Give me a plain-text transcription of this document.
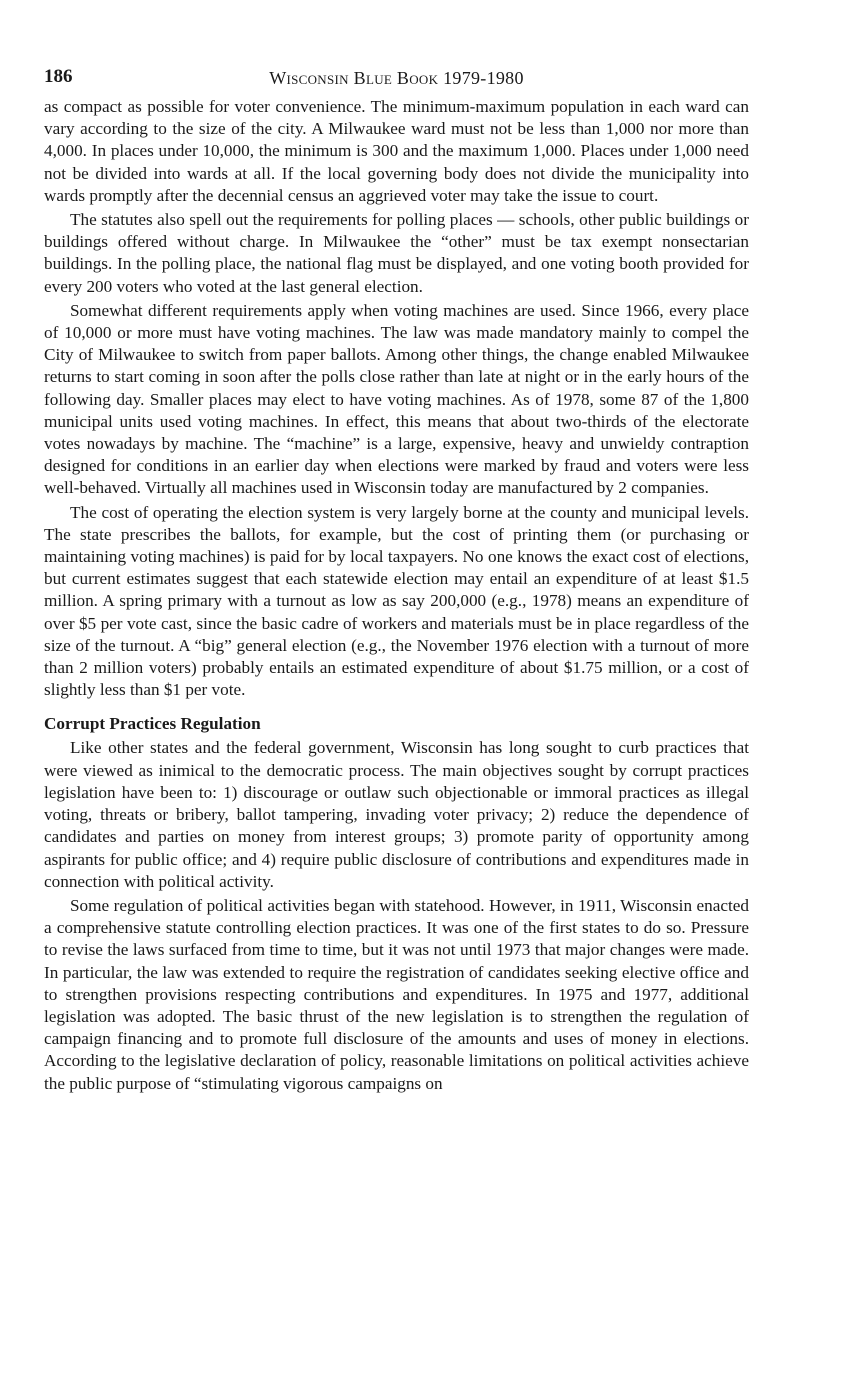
186	Wisconsin Blue Book 1979-1980

as compact as possible for voter convenience. The minimum-maximum population in each ward can vary according to the size of the city. A Milwaukee ward must not be less than 1,000 nor more than 4,000. In places under 10,000, the minimum is 300 and the maximum 1,000. Places under 1,000 need not be divided into wards at all. If the local governing body does not divide the municipality into wards promptly after the decennial census an aggrieved voter may take the issue to court.

The statutes also spell out the requirements for polling places — schools, other public buildings or buildings offered without charge. In Milwaukee the “other” must be tax exempt nonsectarian buildings. In the polling place, the national flag must be displayed, and one voting booth provided for every 200 voters who voted at the last general election.

Somewhat different requirements apply when voting machines are used. Since 1966, every place of 10,000 or more must have voting machines. The law was made mandatory mainly to compel the City of Milwaukee to switch from paper ballots. Among other things, the change enabled Milwaukee returns to start coming in soon after the polls close rather than late at night or in the early hours of the following day. Smaller places may elect to have voting machines. As of 1978, some 87 of the 1,800 municipal units used voting machines. In effect, this means that about two-thirds of the electorate votes nowadays by machine. The “machine” is a large, expensive, heavy and unwieldy contraption designed for conditions in an earlier day when elections were marked by fraud and voters were less well-behaved. Virtually all machines used in Wisconsin today are manufactured by 2 companies.

The cost of operating the election system is very largely borne at the county and municipal levels. The state prescribes the ballots, for example, but the cost of printing them (or purchasing or maintaining voting machines) is paid for by local taxpayers. No one knows the exact cost of elections, but current estimates suggest that each statewide election may entail an expenditure of at least $1.5 million. A spring primary with a turnout as low as say 200,000 (e.g., 1978) means an expenditure of over $5 per vote cast, since the basic cadre of workers and materials must be in place regardless of the size of the turnout. A “big” general election (e.g., the November 1976 election with a turnout of more than 2 million voters) probably entails an estimated expenditure of about $1.75 million, or a cost of slightly less than $1 per vote.

Corrupt Practices Regulation

Like other states and the federal government, Wisconsin has long sought to curb practices that were viewed as inimical to the democratic process. The main objectives sought by corrupt practices legislation have been to: 1) discourage or outlaw such objectionable or immoral practices as illegal voting, threats or bribery, ballot tampering, invading voter privacy; 2) reduce the dependence of candidates and parties on money from interest groups; 3) promote parity of opportunity among aspirants for public office; and 4) require public disclosure of contributions and expenditures made in connection with political activity.

Some regulation of political activities began with statehood. However, in 1911, Wisconsin enacted a comprehensive statute controlling election practices. It was one of the first states to do so. Pressure to revise the laws surfaced from time to time, but it was not until 1973 that major changes were made. In particular, the law was extended to require the registration of candidates seeking elective office and to strengthen provisions respecting contributions and expenditures. In 1975 and 1977, additional legislation was adopted. The basic thrust of the new legislation is to strengthen the regulation of campaign financing and to promote full disclosure of the amounts and uses of money in elections. According to the legislative declaration of policy, reasonable limitations on political activities achieve the public purpose of “stimulating vigorous campaigns on
